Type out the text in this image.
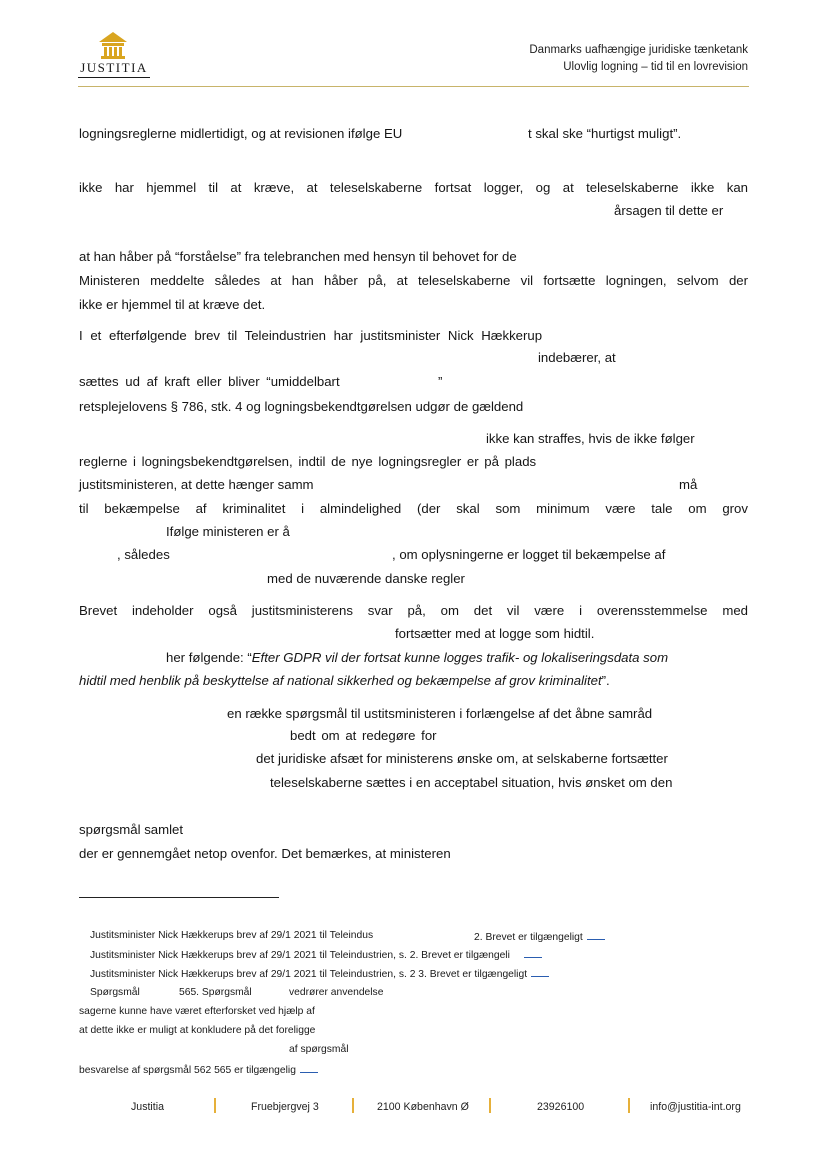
JUSTITIA
Danmarks uafhængige juridiske tænketank
Ulovlig logning – tid til en lovrevision
logningsreglerne midlertidigt, og at revisionen ifølge EU	t skal ske “hurtigst muligt”.
ikke har hjemmel til at kræve, at teleselskaberne fortsat logger, og at teleselskaberne ikke kan
årsagen til dette er
at han håber på “forståelse” fra telebranchen med hensyn til behovet for de
Ministeren meddelte således at han håber på, at teleselskaberne vil fortsætte logningen, selvom der
ikke er hjemmel til at kræve det.
I et efterfølgende brev til Teleindustrien har justitsminister Nick Hækkerup
indebærer, at
sættes ud af kraft eller bliver “umiddelbart	”
retsplejelovens § 786, stk. 4 og logningsbekendtgørelsen udgør de gældend
ikke kan straffes, hvis de ikke følger
reglerne i logningsbekendtgørelsen, indtil de nye logningsregler er på plads
justitsministeren, at dette hænger samm	må
til bekæmpelse af kriminalitet i almindelighed (der skal som minimum være tale om grov
Ifølge ministeren er å
, således	, om oplysningerne er logget til bekæmpelse af
med de nuværende danske regler
Brevet indeholder også justitsministerens svar på, om det vil være i overensstemmelse med
fortsætter med at logge som hidtil.
her følgende: “Efter GDPR vil der fortsat kunne logges trafik- og lokaliseringsdata som
hidtil med henblik på beskyttelse af national sikkerhed og bekæmpelse af grov kriminalitet”.
en række spørgsmål til ustitsministeren i forlængelse af det åbne samråd
bedt om at redegøre for
det juridiske afsæt for ministerens ønske om, at selskaberne fortsætter
teleselskaberne sættes i en acceptabel situation, hvis ønsket om den
spørgsmål samlet
der er gennemgået netop ovenfor. Det bemærkes, at ministeren
Justitsminister Nick Hækkerups brev af 29/1 2021 til Teleindus	2. Brevet er tilgængeligt
Justitsminister Nick Hækkerups brev af 29/1 2021 til Teleindustrien, s. 2. Brevet er tilgængeli
Justitsminister Nick Hækkerups brev af 29/1 2021 til Teleindustrien, s. 2 3. Brevet er tilgængeligt
Spørgsmål	565. Spørgsmål	vedrører anvendelse
sagerne kunne have været efterforsket ved hjælp af
at dette ikke er muligt at konkludere på det foreligge
af spørgsmål
besvarelse af spørgsmål 562 565 er tilgængelig
Justitia	Fruebjergvej 3	2100 København Ø	23926100	info@justitia-int.org
